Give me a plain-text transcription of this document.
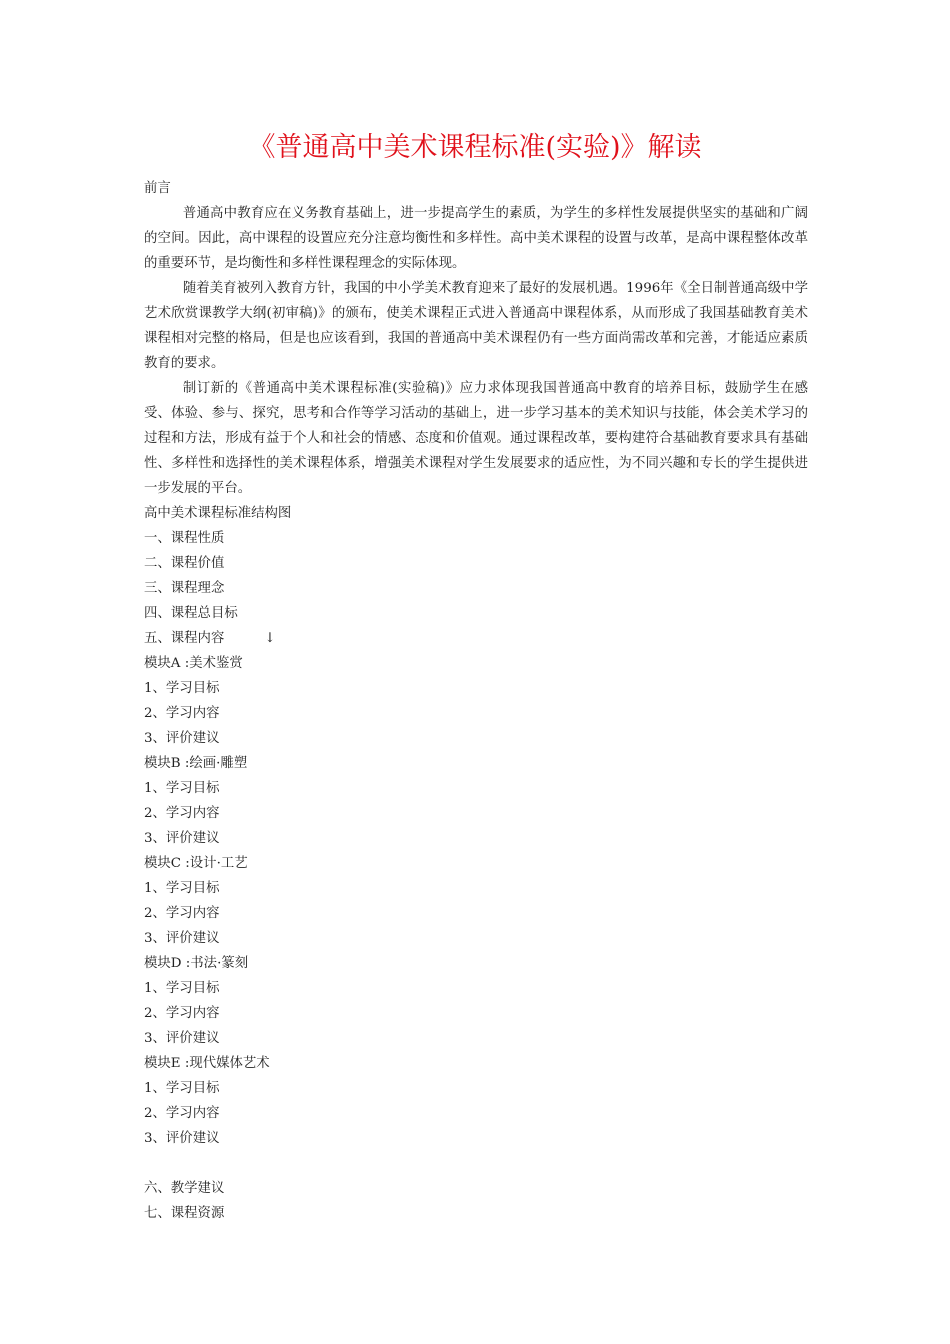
《普通高中美术课程标准(实验)》解读
前言

普通高中教育应在义务教育基础上，进一步提高学生的素质，为学生的多样性发展提供坚实的基础和广阔的空间。因此，高中课程的设置应充分注意均衡性和多样性。高中美术课程的设置与改革，是高中课程整体改革的重要环节，是均衡性和多样性课程理念的实际体现。

随着美育被列入教育方针，我国的中小学美术教育迎来了最好的发展机遇。1996年《全日制普通高级中学艺术欣赏课教学大纲(初审稿)》的颁布，使美术课程正式进入普通高中课程体系，从而形成了我国基础教育美术课程相对完整的格局，但是也应该看到，我国的普通高中美术课程仍有一些方面尚需改革和完善，才能适应素质教育的要求。

制订新的《普通高中美术课程标准(实验稿)》应力求体现我国普通高中教育的培养目标，鼓励学生在感受、体验、参与、探究，思考和合作等学习活动的基础上，进一步学习基本的美术知识与技能，体会美术学习的过程和方法，形成有益于个人和社会的情感、态度和价值观。通过课程改革，要构建符合基础教育要求具有基础性、多样性和选择性的美术课程体系，增强美术课程对学生发展要求的适应性，为不同兴趣和专长的学生提供进一步发展的平台。

高中美术课程标准结构图
一、课程性质
二、课程价值
三、课程理念
四、课程总目标
五、课程内容	↓
模块A :美术鉴赏
1、学习目标
2、学习内容
3、评价建议
模块B :绘画·雕塑
1、学习目标
2、学习内容
3、评价建议
模块C :设计·工艺
1、学习目标
2、学习内容
3、评价建议
模块D :书法·篆刻
1、学习目标
2、学习内容
3、评价建议
模块E :现代媒体艺术
1、学习目标
2、学习内容
3、评价建议
六、教学建议
七、课程资源
